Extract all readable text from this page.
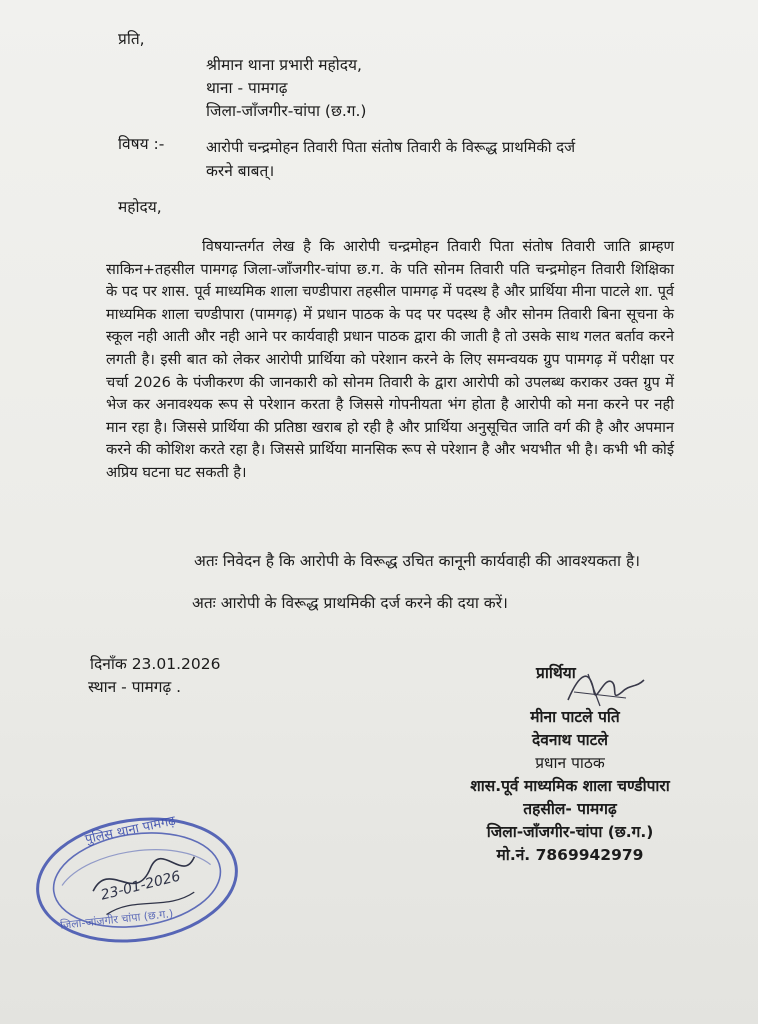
प्रति,
श्रीमान थाना प्रभारी महोदय,
थाना - पामगढ़
जिला-जाँजगीर-चांपा (छ.ग.)
विषय :-	आरोपी चन्द्रमोहन तिवारी पिता संतोष तिवारी के विरूद्ध प्राथमिकी दर्ज
करने बाबत्।
महोदय,
विषयान्तर्गत लेख है कि आरोपी चन्द्रमोहन तिवारी पिता संतोष तिवारी जाति ब्राम्हण साकिन+तहसील पामगढ़ जिला-जाँजगीर-चांपा छ.ग. के पति सोनम तिवारी पति चन्द्रमोहन तिवारी शिक्षिका के पद पर शास. पूर्व माध्यमिक शाला चण्डीपारा तहसील पामगढ़ में पदस्थ है और प्रार्थिया मीना पाटले शा. पूर्व माध्यमिक शाला चण्डीपारा (पामगढ़) में प्रधान पाठक के पद पर पदस्थ है और सोनम तिवारी बिना सूचना के स्कूल नही आती और नही आने पर कार्यवाही प्रधान पाठक द्वारा की जाती है तो उसके साथ गलत बर्ताव करने लगती है। इसी बात को लेकर आरोपी प्रार्थिया को परेशान करने के लिए समन्वयक ग्रुप पामगढ़ में परीक्षा पर चर्चा 2026 के पंजीकरण की जानकारी को सोनम तिवारी के द्वारा आरोपी को उपलब्ध कराकर उक्त ग्रुप में भेज कर अनावश्यक रूप से परेशान करता है जिससे गोपनीयता भंग होता है आरोपी को मना करने पर नही मान रहा है। जिससे प्रार्थिया की प्रतिष्ठा खराब हो रही है और प्रार्थिया अनुसूचित जाति वर्ग की है और अपमान करने की कोशिश करते रहा है। जिससे प्रार्थिया मानसिक रूप से परेशान है और भयभीत भी है। कभी भी कोई अप्रिय घटना घट सकती है।
अतः निवेदन है कि आरोपी के विरूद्ध उचित कानूनी कार्यवाही की आवश्यकता है।
अतः आरोपी के विरूद्ध प्राथमिकी दर्ज करने की दया करें।
दिनाँक 23.01.2026
स्थान - पामगढ़ .
प्रार्थिया
मीना पाटले पति
देवनाथ पाटले
प्रधान पाठक
शास.पूर्व माध्यमिक शाला चण्डीपारा
तहसील- पामगढ़
जिला-जाँजगीर-चांपा (छ.ग.)
मो.नं. 7869942979
पुलिस थाना पामगढ़
23-01-2026
जिला-जांजगीर चांपा (छ.ग.)
